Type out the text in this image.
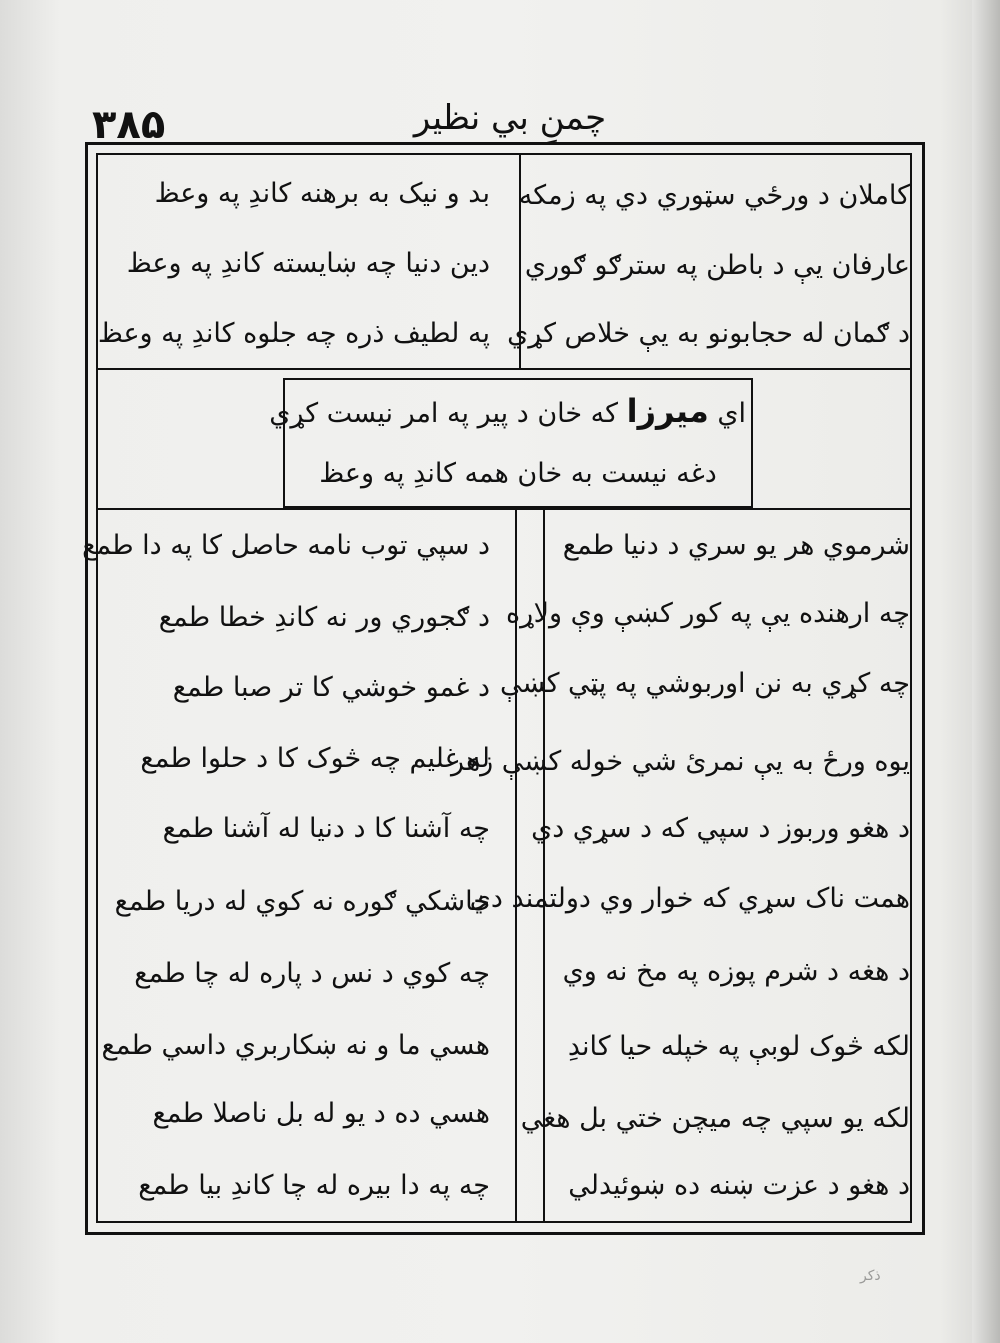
۳۸۵	چمنِ بي نظير
کاملان د ورځي سټوري دي په زمکه
عارفان يې د باطن په سترګو ګوري
د ګمان له حجابونو به يې خلاص کړي
بد و نيک به برهنه کاندِ په وعظ
دين دنيا چه ښايسته کاندِ په وعظ
په لطيف ذره چه جلوه کاندِ په وعظ
اي ميرزا که خان د پير په امر نيست کړي
دغه نيست به خان همه کاندِ په وعظ
شرموي هر يو سري د دنيا طمع
چه ارهنده يې په کور کښې وې ولاړه
چه کړي به نن اوربوشي په پټي کښې
يوه ورځ به يې نمرئ شي خوله کښې زهر
د هغو وربوز د سپي که د سړي دي
همت ناک سړي که خوار وي دولتمند دي
د هغه د شرم پوزه په مخ نه وي
لکه څوک لوبې په خپله حيا کاندِ
لکه يو سپي چه ميچن ختي بل هغي
د هغو د عزت ښنه ده ښوئيدلي
د سپي توب نامه حاصل کا په دا طمع
د ګجوري ور نه کاندِ خطا طمع
د غمو خوشي کا تر صبا طمع
له غليم چه څوک کا د حلوا طمع
چه آشنا کا د دنيا له آشنا طمع
خاشکي ګوره نه کوي له دريا طمع
چه کوي د نس د پاره له چا طمع
هسي ما و نه ښکاربري داسي طمع
هسي ده د يو له بل ناصلا طمع
چه په دا بيره له چا کاندِ بيا طمع
ذکر
